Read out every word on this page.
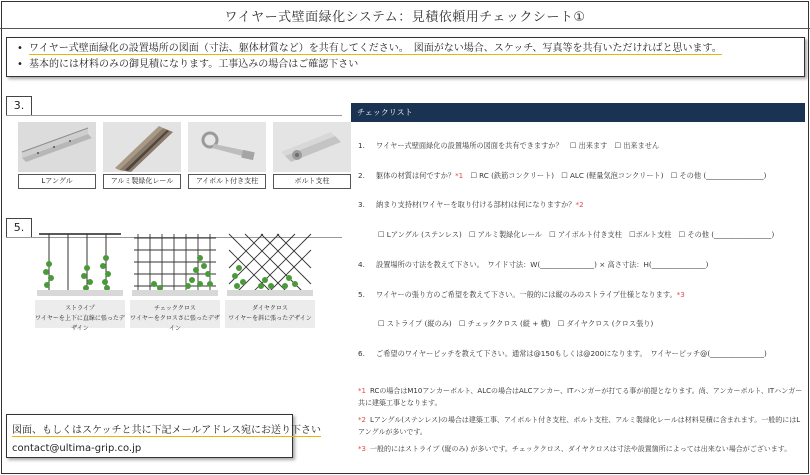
ワイヤー式壁面緑化システム：見積依頼用チェックシート①
• ワイヤー式壁面緑化の設置場所の図面（寸法、躯体材質など）を共有してください。　図面がない場合、スケッチ、写真等を共有いただければと思います。
• 基本的には材料のみの御見積になります。工事込みの場合はご確認下さい
3.
Lアングル	アルミ製緑化レール	アイボルト付き支柱	ボルト支柱
5.
ストライプ
ワイヤーを上下に直線に張ったデザイン
チェッククロス
ワイヤーをクロスさに張ったデザイン
ダイヤクロス
ワイヤーを斜に張ったデザイン
図面、もしくはスケッチと共に下記メールアドレス宛にお送り下さい
contact@ultima-grip.co.jp
チェックリスト
1. ワイヤー式壁面緑化の設置場所の図面を共有できますか？　☐ 出来ます　☐ 出来ません
2. 躯体の材質は何ですか？*1　☐ RC (鉄筋コンクリート)　☐ ALC (軽量気泡コンクリート)　☐ その他 (________________)
3. 納まり支持材(ワイヤーを取り付ける部材)は何になりますか？*2
☐ Lアングル (ステンレス)　☐ アルミ製緑化レール　☐ アイボルト付き支柱　☐ボルト支柱　☐ その他 (________________)
4. 設置場所の寸法を教えて下さい。　ワイド寸法：W(_______________) × 高さ寸法：H(_______________)
5. ワイヤーの張り方のご希望を教えて下さい。一般的には縦のみのストライプ仕様となります。*3
☐ ストライプ (縦のみ)　☐ チェッククロス (縦 + 横)　☐ ダイヤクロス (クロス張り)
6. ご希望のワイヤーピッチを教えて下さい。通常は@150もしくは@200になります。　ワイヤーピッチ@(_______________)
*1 RCの場合はM10アンカーボルト、ALCの場合はALCアンカー、ITハンガーが打てる事が前提となります。尚、アンカーボルト、ITハンガー共に建築工事となります。
*2 Lアングル(ステンレス)の場合は建築工事、アイボルト付き支柱、ボルト支柱、アルミ製緑化レールは材料見積に含まれます。一般的にはLアングルが多いです。
*3 一般的にはストライプ (縦のみ) が多いです。チェッククロス、ダイヤクロスは寸法や設置箇所によっては出来ない場合がございます。
